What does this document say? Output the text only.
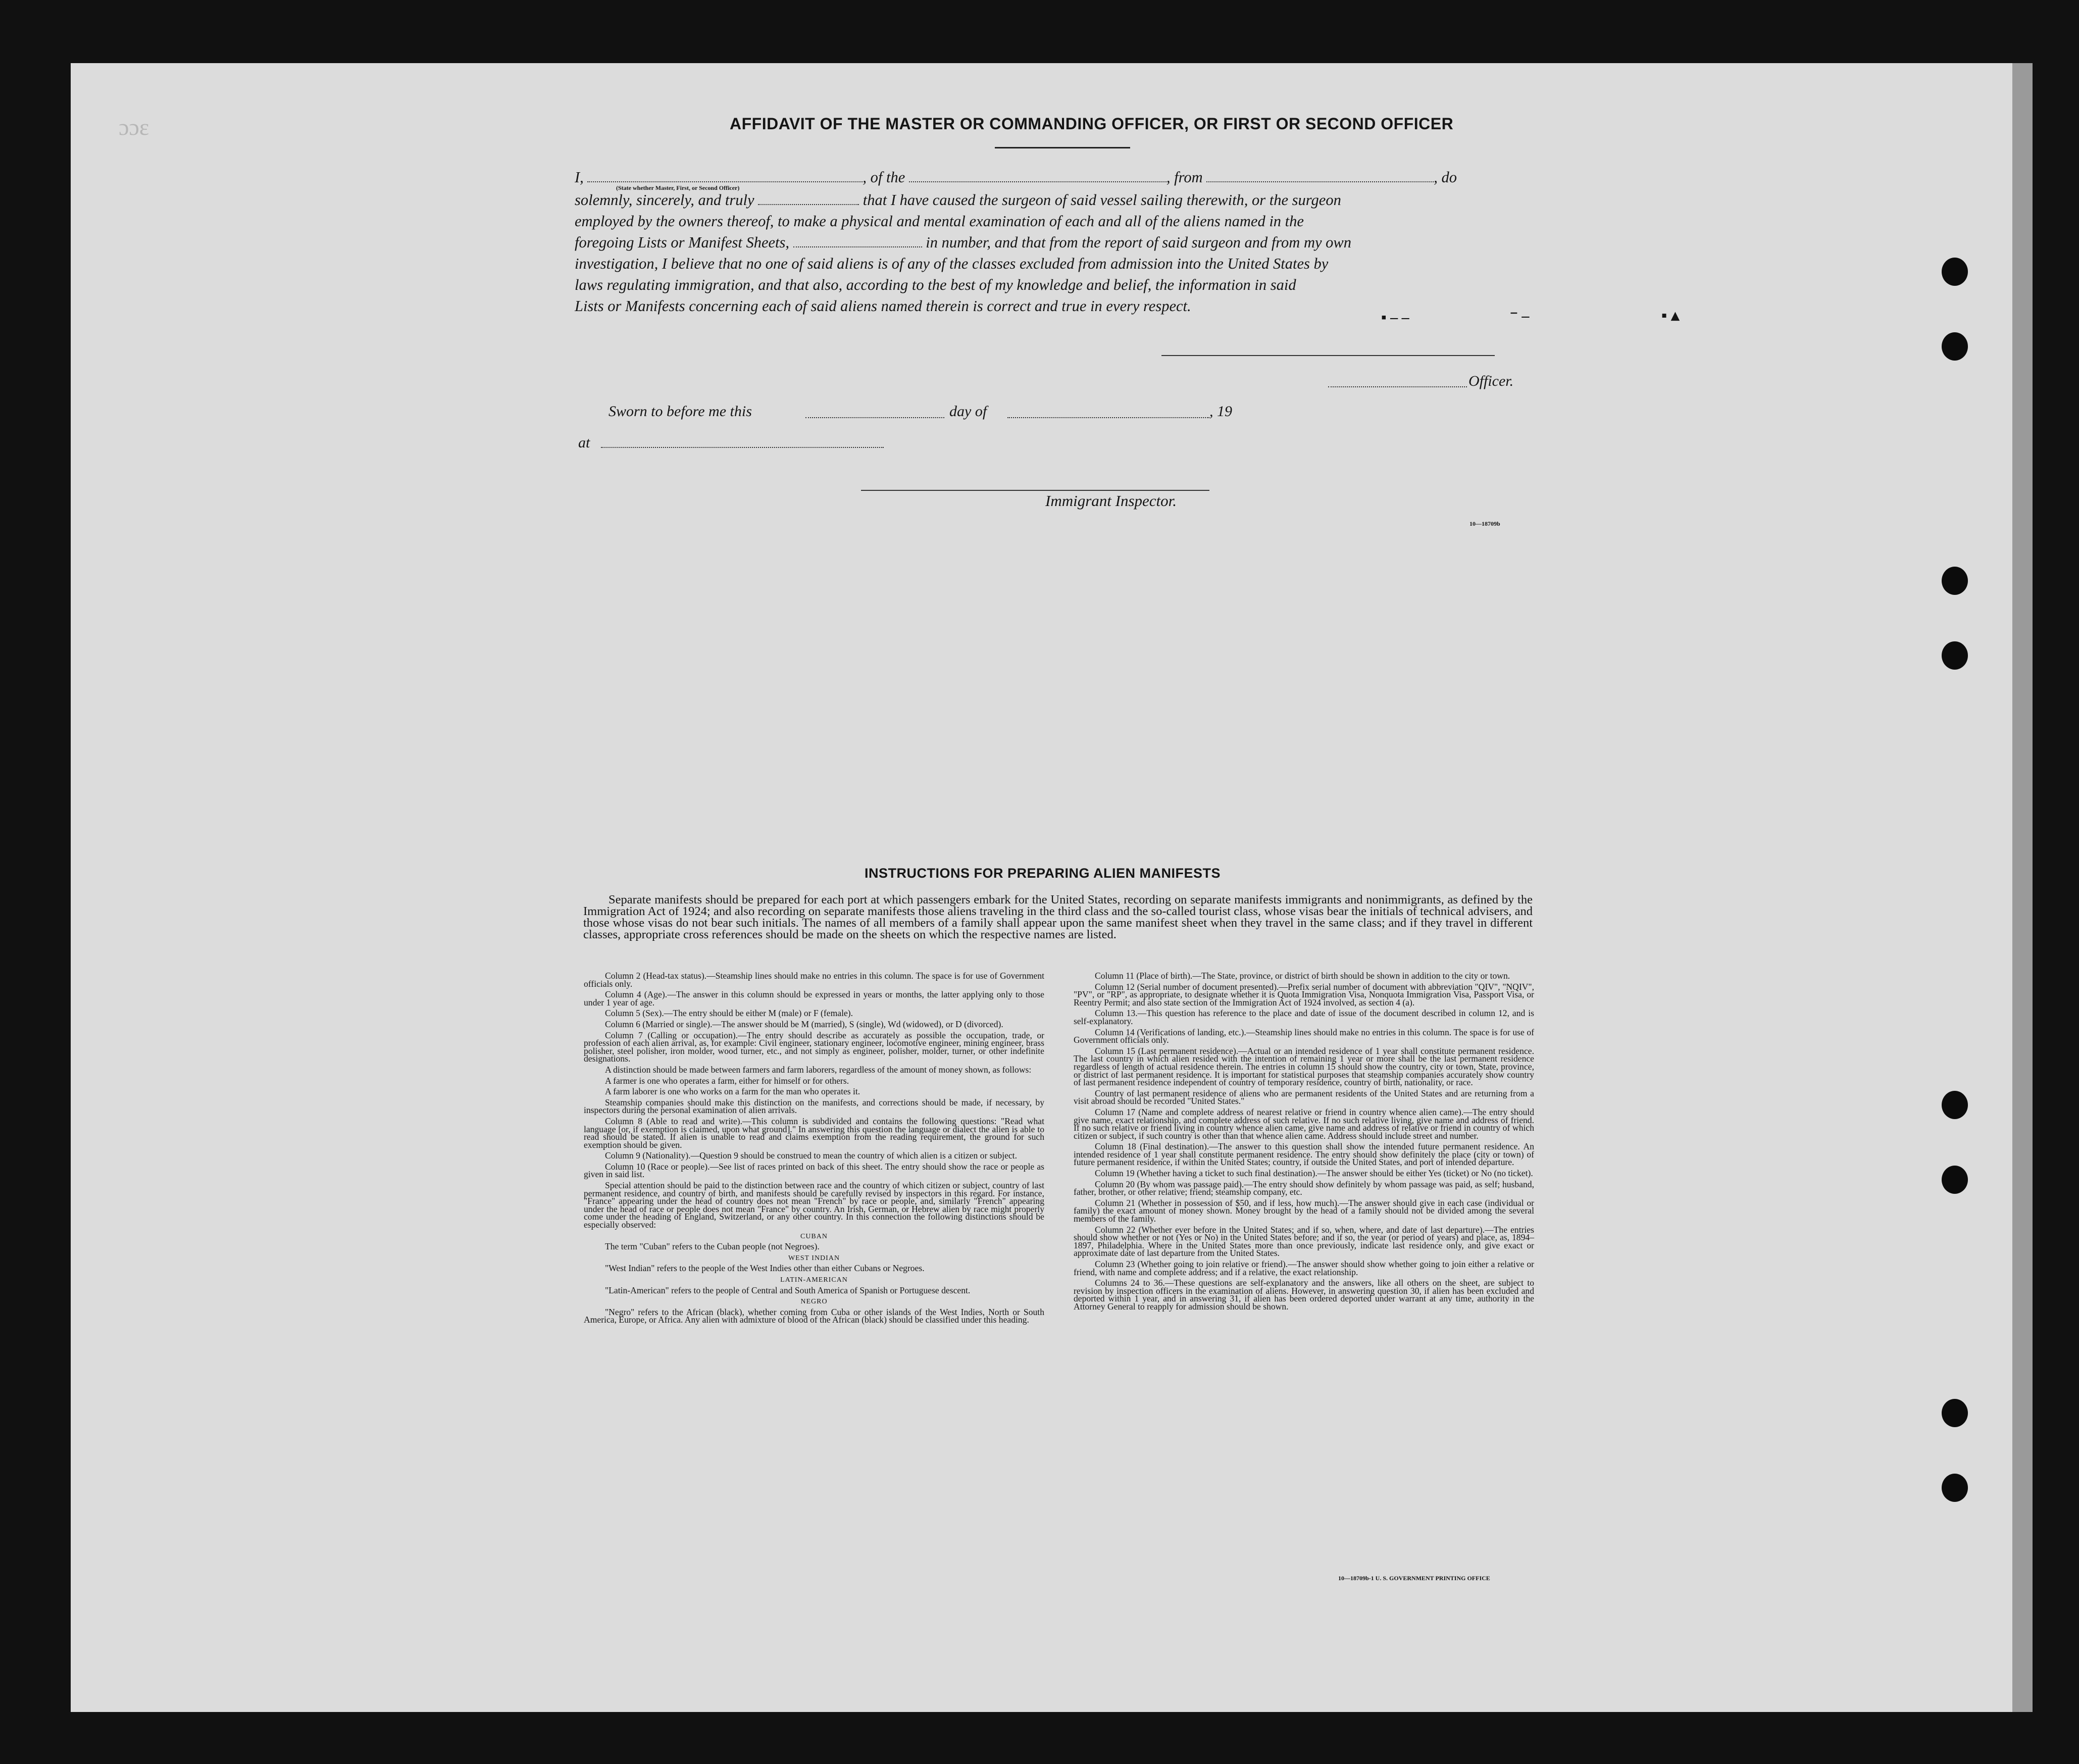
ɔɔɛ	AFFIDAVIT OF THE MASTER OR COMMANDING OFFICER, OR FIRST OR SECOND OFFICER
I,	, of the	, from	, do
(State whether Master, First, or Second Officer)
solemnly, sincerely, and truly	that I have caused the surgeon of said vessel sailing therewith, or the surgeon
employed by the owners thereof, to make a physical and mental examination of each and all of the aliens named in the
foregoing Lists or Manifest Sheets,	in number, and that from the report of said surgeon and from my own
investigation, I believe that no one of said aliens is of any of the classes excluded from admission into the United States by
laws regulating immigration, and that also, according to the best of my knowledge and belief, the information in said
Lists or Manifests concerning each of said aliens named therein is correct and true in every respect.
▪ ‒ ‒	⁻ ‒	▪ ▴
Officer.
Sworn to before me this	day of	, 19
at
Immigrant Inspector.
10—18709b
INSTRUCTIONS FOR PREPARING ALIEN MANIFESTS
Separate manifests should be prepared for each port at which passengers embark for the United States, recording on separate manifests immigrants and nonimmigrants, as defined by the Immigration Act of 1924; and also recording on separate manifests those aliens traveling in the third class and the so-called tourist class, whose visas bear the initials of technical advisers, and those whose visas do not bear such initials. The names of all members of a family shall appear upon the same manifest sheet when they travel in the same class; and if they travel in different classes, appropriate cross references should be made on the sheets on which the respective names are listed.

Column 2 (Head-tax status).—Steamship lines should make no entries in this column. The space is for use of Government officials only.

Column 4 (Age).—The answer in this column should be expressed in years or months, the latter applying only to those under 1 year of age.

Column 5 (Sex).—The entry should be either M (male) or F (female).

Column 6 (Married or single).—The answer should be M (married), S (single), Wd (widowed), or D (divorced).

Column 7 (Calling or occupation).—The entry should describe as accurately as possible the occupation, trade, or profession of each alien arrival, as, for example: Civil engineer, stationary engineer, locomotive engineer, mining engineer, brass polisher, steel polisher, iron molder, wood turner, etc., and not simply as engineer, polisher, molder, turner, or other indefinite designations.

A distinction should be made between farmers and farm laborers, regardless of the amount of money shown, as follows:

A farmer is one who operates a farm, either for himself or for others.

A farm laborer is one who works on a farm for the man who operates it.

Steamship companies should make this distinction on the manifests, and corrections should be made, if necessary, by inspectors during the personal examination of alien arrivals.

Column 8 (Able to read and write).—This column is subdivided and contains the following questions: "Read what language [or, if exemption is claimed, upon what ground]." In answering this question the language or dialect the alien is able to read should be stated. If alien is unable to read and claims exemption from the reading requirement, the ground for such exemption should be given.

Column 9 (Nationality).—Question 9 should be construed to mean the country of which alien is a citizen or subject.

Column 10 (Race or people).—See list of races printed on back of this sheet. The entry should show the race or people as given in said list.

Special attention should be paid to the distinction between race and the country of which citizen or subject, country of last permanent residence, and country of birth, and manifests should be carefully revised by inspectors in this regard. For instance, "France" appearing under the head of country does not mean "French" by race or people, and, similarly "French" appearing under the head of race or people does not mean "France" by country. An Irish, German, or Hebrew alien by race might properly come under the heading of England, Switzerland, or any other country. In this connection the following distinctions should be especially observed:

CUBAN

The term "Cuban" refers to the Cuban people (not Negroes).

WEST INDIAN

"West Indian" refers to the people of the West Indies other than either Cubans or Negroes.

LATIN-AMERICAN

"Latin-American" refers to the people of Central and South America of Spanish or Portuguese descent.

NEGRO

"Negro" refers to the African (black), whether coming from Cuba or other islands of the West Indies, North or South America, Europe, or Africa. Any alien with admixture of blood of the African (black) should be classified under this heading.

Column 11 (Place of birth).—The State, province, or district of birth should be shown in addition to the city or town.

Column 12 (Serial number of document presented).—Prefix serial number of document with abbreviation "QIV", "NQIV", "PV", or "RP", as appropriate, to designate whether it is Quota Immigration Visa, Nonquota Immigration Visa, Passport Visa, or Reentry Permit; and also state section of the Immigration Act of 1924 involved, as section 4 (a).

Column 13.—This question has reference to the place and date of issue of the document described in column 12, and is self-explanatory.

Column 14 (Verifications of landing, etc.).—Steamship lines should make no entries in this column. The space is for use of Government officials only.

Column 15 (Last permanent residence).—Actual or an intended residence of 1 year shall constitute permanent residence. The last country in which alien resided with the intention of remaining 1 year or more shall be the last permanent residence regardless of length of actual residence therein. The entries in column 15 should show the country, city or town, State, province, or district of last permanent residence. It is important for statistical purposes that steamship companies accurately show country of last permanent residence independent of country of temporary residence, country of birth, nationality, or race.

Country of last permanent residence of aliens who are permanent residents of the United States and are returning from a visit abroad should be recorded "United States."

Column 17 (Name and complete address of nearest relative or friend in country whence alien came).—The entry should give name, exact relationship, and complete address of such relative. If no such relative living, give name and address of friend. If no such relative or friend living in country whence alien came, give name and address of relative or friend in country of which citizen or subject, if such country is other than that whence alien came. Address should include street and number.

Column 18 (Final destination).—The answer to this question shall show the intended future permanent residence. An intended residence of 1 year shall constitute permanent residence. The entry should show definitely the place (city or town) of future permanent residence, if within the United States; country, if outside the United States, and port of intended departure.

Column 19 (Whether having a ticket to such final destination).—The answer should be either Yes (ticket) or No (no ticket).

Column 20 (By whom was passage paid).—The entry should show definitely by whom passage was paid, as self; husband, father, brother, or other relative; friend; steamship company, etc.

Column 21 (Whether in possession of $50, and if less, how much).—The answer should give in each case (individual or family) the exact amount of money shown. Money brought by the head of a family should not be divided among the several members of the family.

Column 22 (Whether ever before in the United States; and if so, when, where, and date of last departure).—The entries should show whether or not (Yes or No) in the United States before; and if so, the year (or period of years) and place, as, 1894–1897, Philadelphia. Where in the United States more than once previously, indicate last residence only, and give exact or approximate date of last departure from the United States.

Column 23 (Whether going to join relative or friend).—The answer should show whether going to join either a relative or friend, with name and complete address; and if a relative, the exact relationship.

Columns 24 to 36.—These questions are self-explanatory and the answers, like all others on the sheet, are subject to revision by inspection officers in the examination of aliens. However, in answering question 30, if alien has been excluded and deported within 1 year, and in answering 31, if alien has been ordered deported under warrant at any time, authority in the Attorney General to reapply for admission should be shown.

10—18709b-1 U. S. GOVERNMENT PRINTING OFFICE
